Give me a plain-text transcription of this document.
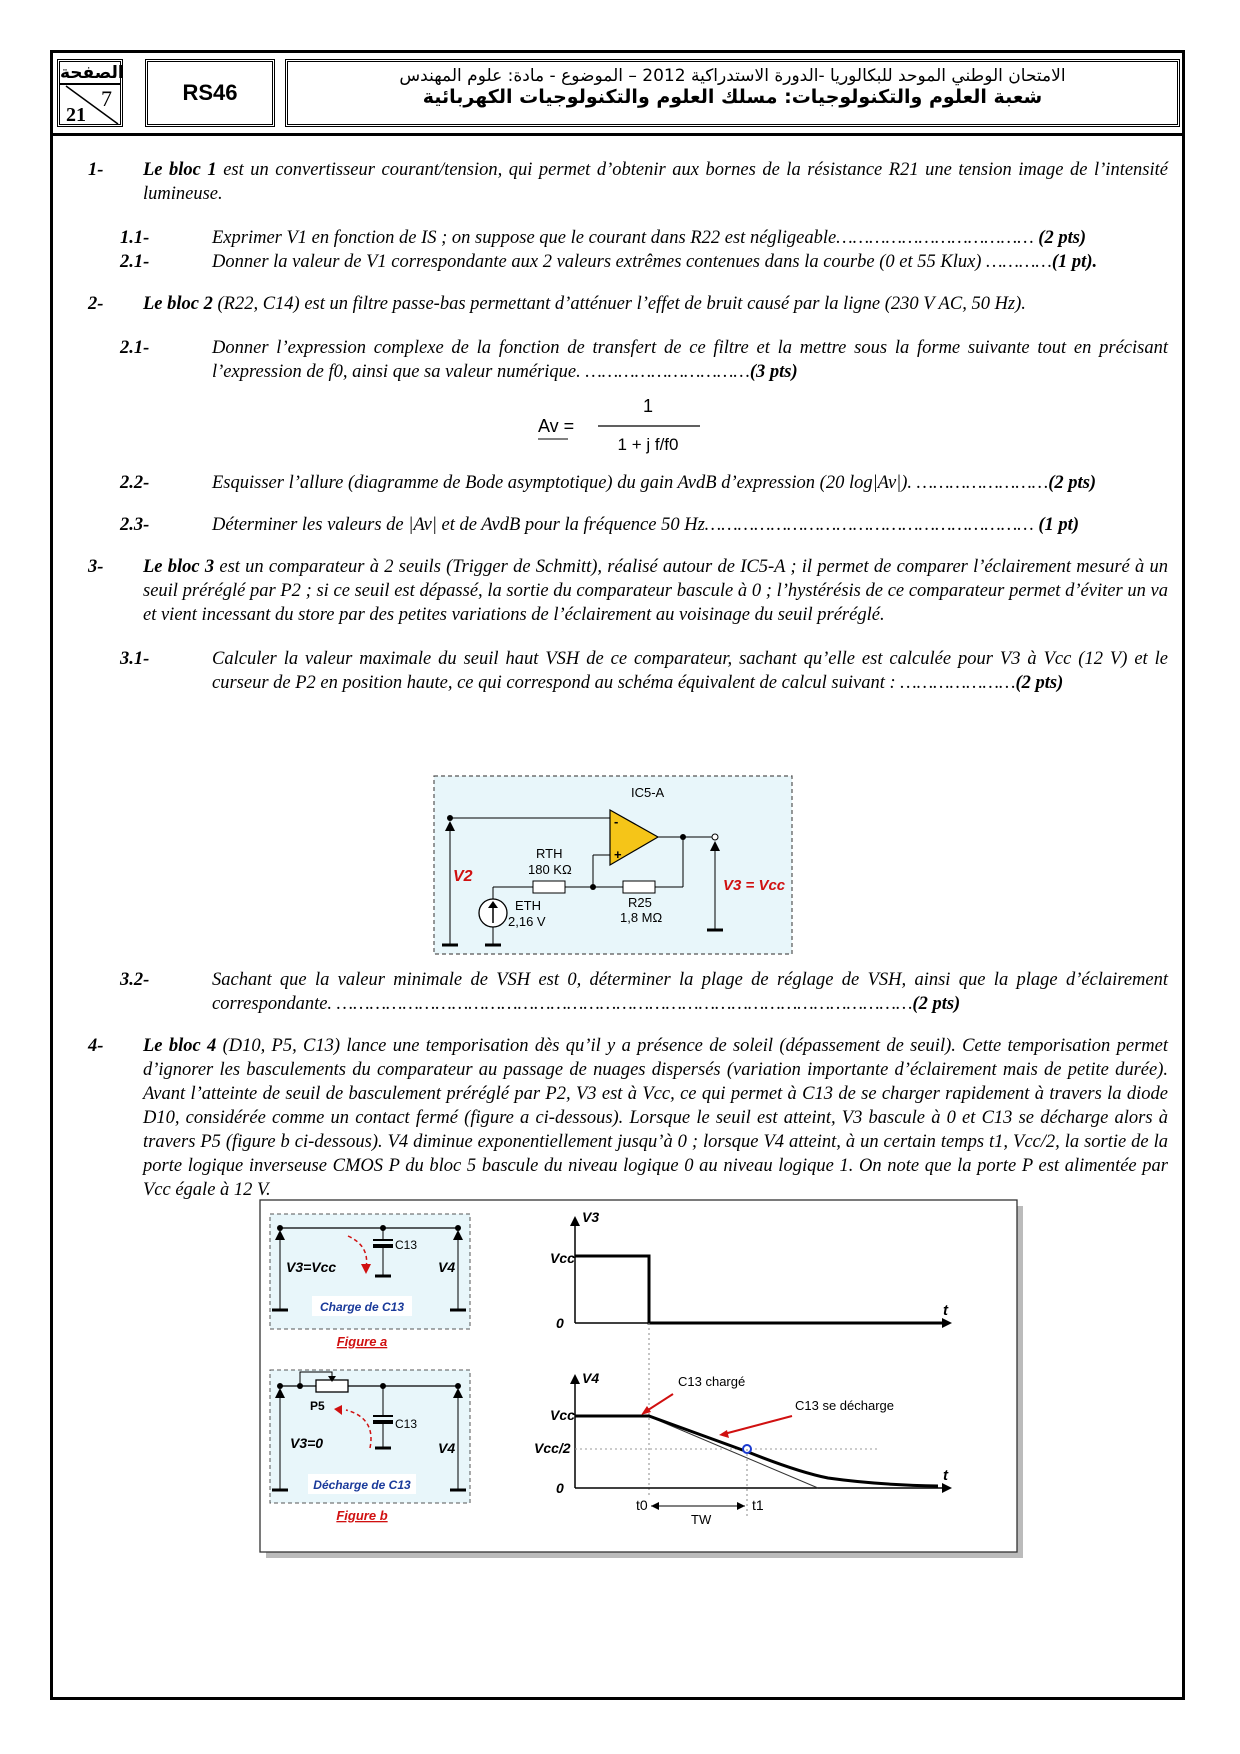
الصفحة
7
21
RS46
الامتحان الوطني الموحد للبكالوريا -الدورة الاستدراكية 2012 – الموضوع - مادة: علوم المهندس
شعبة العلوم والتكنولوجيات: مسلك العلوم والتكنولوجيات الكهربائية
1- Le bloc 1 est un convertisseur courant/tension, qui permet d’obtenir aux bornes de la résistance R21 une tension image de l’intensité lumineuse.
1.1-	Exprimer V1 en fonction de IS ; on suppose que le courant dans R22 est négligeable……………………………… (2 pts)
2.1-	Donner la valeur de V1 correspondante aux 2 valeurs extrêmes contenues dans la courbe (0 et 55 Klux) …………(1 pt).
2- Le bloc 2 (R22, C14) est un filtre passe-bas permettant d’atténuer l’effet de bruit causé par la ligne (230 V AC, 50 Hz).
2.1-	Donner l’expression complexe de la fonction de transfert de ce filtre et la mettre sous la forme suivante tout en précisant l’expression de f0, ainsi que sa valeur numérique. …………………………(3 pts)
Av =
1
1 + j f/f0
2.2-	Esquisser l’allure (diagramme de Bode asymptotique) du gain AvdB d’expression (20 log|Av|). ……………………(2 pts)
2.3-	Déterminer les valeurs de |Av| et de AvdB pour la fréquence 50 Hz…………………………………………………… (1 pt)
3- Le bloc 3 est un comparateur à 2 seuils (Trigger de Schmitt), réalisé autour de IC5-A ; il permet de comparer l’éclairement mesuré à un seuil préréglé par P2 ; si ce seuil est dépassé, la sortie du comparateur bascule à 0 ; l’hystérésis de ce comparateur permet d’éviter un va et vient incessant du store par des petites variations de l’éclairement au voisinage du seuil préréglé.
3.1-	Calculer la valeur maximale du seuil haut VSH de ce comparateur, sachant qu’elle est calculée pour V3 à Vcc (12 V) et le curseur de P2 en position haute, ce qui correspond au schéma équivalent de calcul suivant : …………………(2 pts)
IC5-A
-
+
RTH
180 KΩ
R25
1,8 MΩ
ETH
2,16 V
V2
V3 = Vcc
3.2-	Sachant que la valeur minimale de VSH est 0, déterminer la plage de réglage de VSH, ainsi que la plage d’éclairement correspondante. ……………………………………………………………………………………………(2 pts)
4- Le bloc 4 (D10, P5, C13) lance une temporisation dès qu’il y a présence de soleil (dépassement de seuil). Cette temporisation permet d’ignorer les basculements du comparateur au passage de nuages dispersés (variation importante d’éclairement mais de petite durée). Avant l’atteinte de seuil de basculement préréglé par P2, V3 est à Vcc, ce qui permet à C13 de se charger rapidement à travers la diode D10, considérée comme un contact fermé (figure a ci-dessous). Lorsque le seuil est atteint, V3 bascule à 0 et C13 se décharge alors à travers P5 (figure b ci-dessous). V4 diminue exponentiellement jusqu’à 0 ; lorsque V4 atteint, à un certain temps t1, Vcc/2, la sortie de la porte logique inverseuse CMOS P du bloc 5 bascule du niveau logique 0 au niveau logique 1. On note que la porte P est alimentée par Vcc égale à 12 V.
C13
V3=Vcc	V4
Charge de C13
Figure a
P5
C13
V3=0	V4
Décharge de C13
Figure b
V3
Vcc
0
t
V4
Vcc
Vcc/2
0
t
t0	t1
TW
C13 chargé
C13 se décharge
